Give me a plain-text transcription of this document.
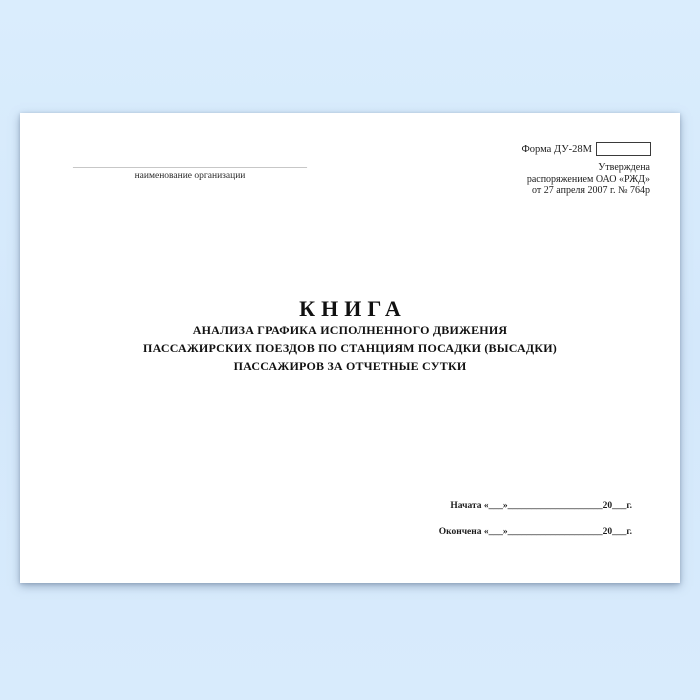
____________________________________________________
наименование организации
Форма ДУ-28М
Утверждена
распоряжением ОАО «РЖД»
от 27 апреля 2007 г. № 764р
КНИГА
АНАЛИЗА ГРАФИКА ИСПОЛНЕННОГО ДВИЖЕНИЯ
ПАССАЖИРСКИХ ПОЕЗДОВ ПО СТАНЦИЯМ ПОСАДКИ (ВЫСАДКИ)
ПАССАЖИРОВ ЗА ОТЧЕТНЫЕ СУТКИ
Начата «___»____________________20___г.
Окончена «___»____________________20___г.
